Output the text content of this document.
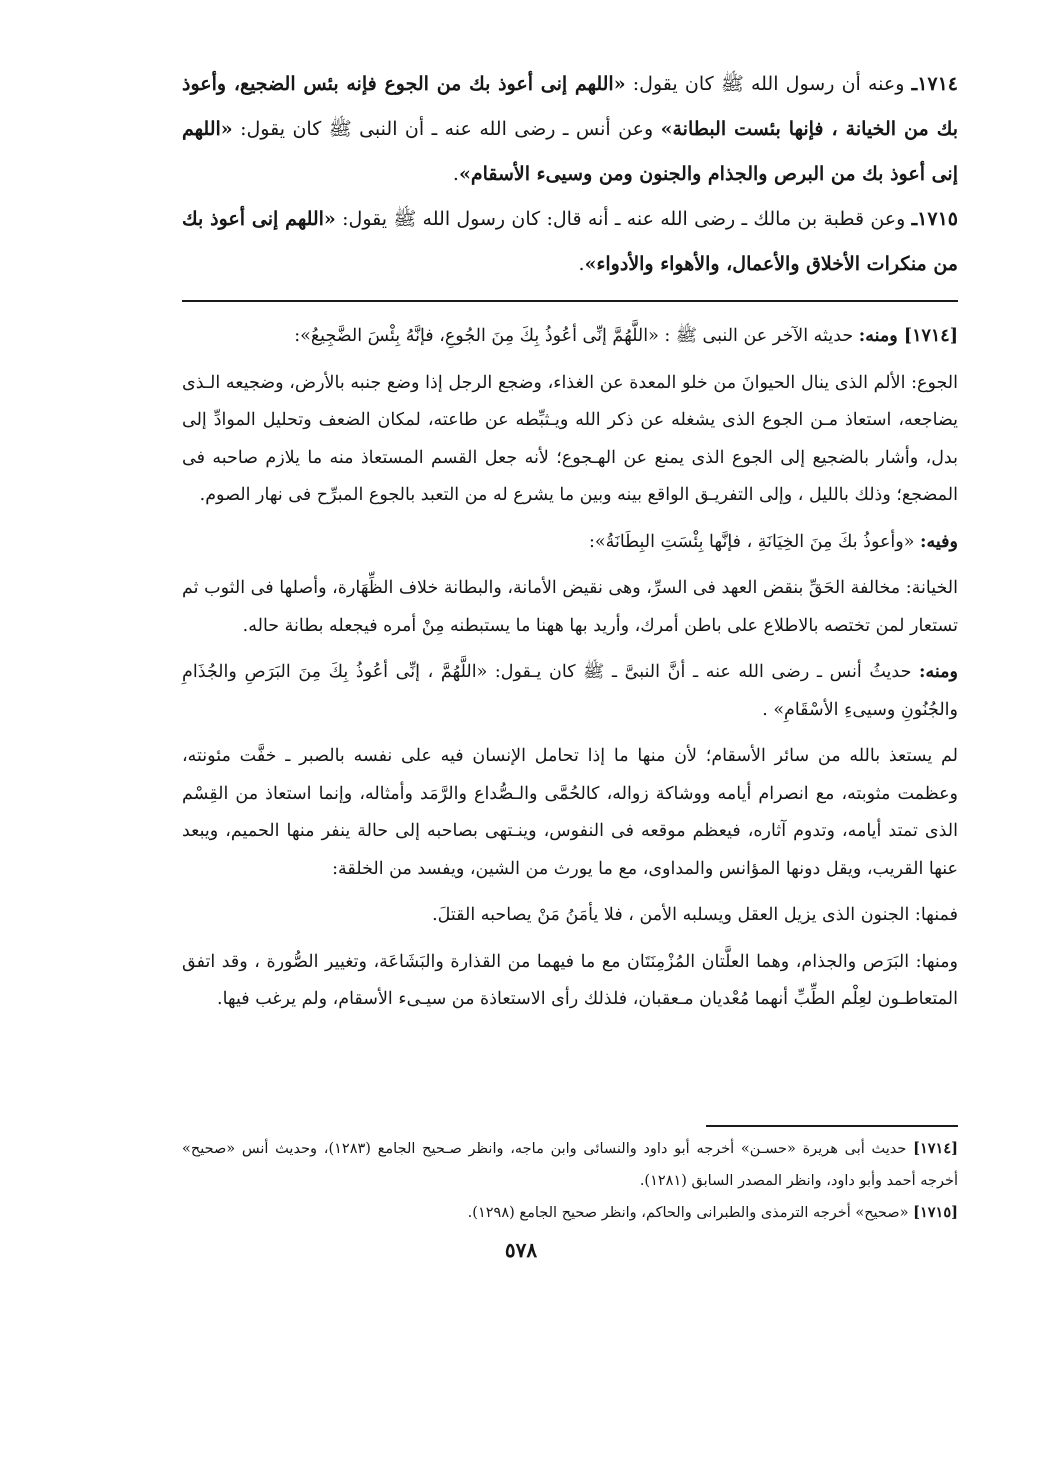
١٧١٤ـ وعنه أن رسول الله ﷺ كان يقول: «اللهم إنى أعوذ بك من الجوع فإنه بئس الضجيع، وأعوذ بك من الخيانة ، فإنها بئست البطانة» وعن أنس ـ رضى الله عنه ـ أن النبى ﷺ كان يقول: «اللهم إنى أعوذ بك من البرص والجذام والجنون ومن وسيىء الأسقام».

١٧١٥ـ وعن قطبة بن مالك ـ رضى الله عنه ـ أنه قال: كان رسول الله ﷺ يقول: «اللهم إنى أعوذ بك من منكرات الأخلاق والأعمال، والأهواء والأدواء».

[١٧١٤] ومنه: حديثه الآخر عن النبى ﷺ : «اللَّهُمَّ إنِّى أعُوذُ بِكَ مِنَ الجُوعِ، فإنَّهُ بِئْسَ الضَّجِيعُ»:

الجوع: الألم الذى ينال الحيوانَ من خلو المعدة عن الغذاء، وضجع الرجل إذا وضع جنبه بالأرض، وضجيعه الـذى يضاجعه، استعاذ مـن الجوع الذى يشغله عن ذكر الله ويـثبِّطه عن طاعته، لمكان الضعف وتحليل الموادِّ إلى بدل، وأشار بالضجيع إلى الجوع الذى يمنع عن الهـجوع؛ لأنه جعل القسم المستعاذ منه ما يلازم صاحبه فى المضجع؛ وذلك بالليل ، وإلى التفريـق الواقع بينه وبين ما يشرع له من التعبد بالجوع المبرِّح فى نهار الصوم.

وفيه: «وأعوذُ بكَ مِنَ الخِيَانَةِ ، فإنَّها بِئْسَتِ البِطَانَةُ»:

الخيانة: مخالفة الحَقِّ بنقض العهد فى السرِّ، وهى نقيض الأمانة، والبطانة خلاف الظِّهَارة، وأصلها فى الثوب ثم تستعار لمن تختصه بالاطلاع على باطن أمرك، وأريد بها ههنا ما يستبطنه مِنْ أمره فيجعله بطانة حاله.

ومنه: حديثُ أنس ـ رضى الله عنه ـ أنَّ النبىَّ ـ ﷺ كان يـقول: «اللَّهُمَّ ، إنِّى أعُوذُ بِكَ مِنَ البَرَصِ والجُذَامِ والجُنُونِ وسيىءِ الأسْقَامِ» .

لم يستعذ بالله من سائر الأسقام؛ لأن منها ما إذا تحامل الإنسان فيه على نفسه بالصبر ـ خفَّت مئونته، وعظمت مثوبته، مع انصرام أيامه ووشاكة زواله، كالحُمَّى والـصُّداع والرَّمَد وأمثاله، وإنما استعاذ من القِسْم الذى تمتد أيامه، وتدوم آثاره، فيعظم موقعه فى النفوس، وينـتهى بصاحبه إلى حالة ينفر منها الحميم، ويبعد عنها القريب، ويقل دونها المؤانس والمداوى، مع ما يورث من الشين، ويفسد من الخلقة:

فمنها: الجنون الذى يزيل العقل ويسلبه الأمن ، فلا يأمَنُ مَنْ يصاحبه القتلَ.

ومنها: البَرَص والجذام، وهما العلَّتان المُزْمِنَتَان مع ما فيهما من القذارة والبَشَاعَة، وتغيير الصُّورة ، وقد اتفق المتعاطـون لعِلْم الطِّبِّ أنهما مُعْديان مـعقبان، فلذلك رأى الاستعاذة من سيـىء الأسقام، ولم يرغب فيها.

[١٧١٤] حديث أبى هريرة «حسـن» أخرجه أبو داود والنسائى وابن ماجه، وانظر صـحيح الجامع (١٢٨٣)، وحديث أنس «صحيح» أخرجه أحمد وأبو داود، وانظر المصدر السابق (١٢٨١).

[١٧١٥] «صحيح» أخرجه الترمذى والطبرانى والحاكم، وانظر صحيح الجامع (١٢٩٨).

٥٧٨
